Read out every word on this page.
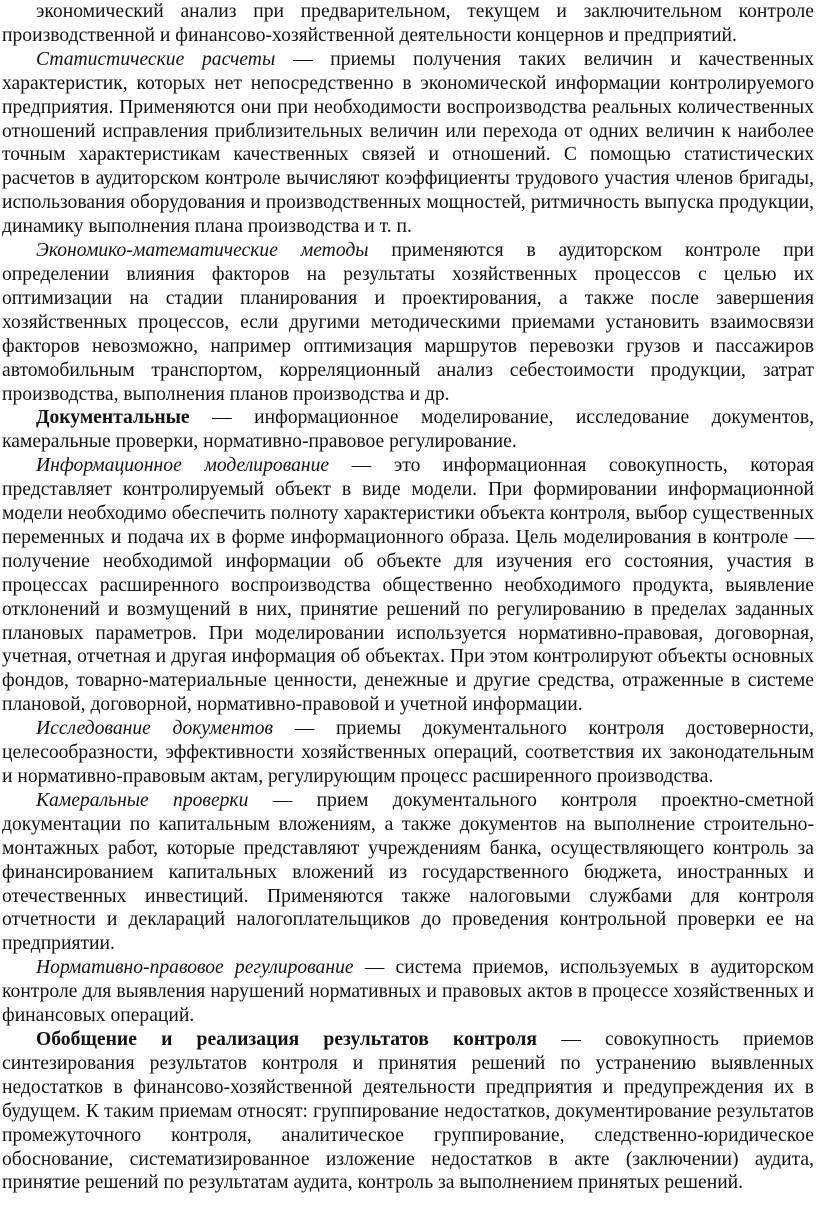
экономический анализ при предварительном, текущем и заключительном контроле производственной и финансово-хозяйственной деятельности концернов и предприятий.

Статистические расчеты — приемы получения таких величин и качественных характеристик, которых нет непосредственно в экономической информации контролируемого предприятия. Применяются они при необходимости воспроизводства реальных количественных отношений исправления приблизительных величин или перехода от одних величин к наиболее точным характеристикам качественных связей и отношений. С помощью статистических расчетов в аудиторском контроле вычисляют коэффициенты трудового участия членов бригады, использования оборудования и производственных мощностей, ритмичность выпуска продукции, динамику выполнения плана производства и т. п.

Экономико-математические методы применяются в аудиторском контроле при определении влияния факторов на результаты хозяйственных процессов с целью их оптимизации на стадии планирования и проектирования, а также после завершения хозяйственных процессов, если другими методическими приемами установить взаимосвязи факторов невозможно, например оптимизация маршрутов перевозки грузов и пассажиров автомобильным транспортом, корреляционный анализ себестоимости продукции, затрат производства, выполнения планов производства и др.

Документальные — информационное моделирование, исследование документов, камеральные проверки, нормативно-правовое регулирование.

Информационное моделирование — это информационная совокупность, которая представляет контролируемый объект в виде модели. При формировании информационной модели необходимо обеспечить полноту характеристики объекта контроля, выбор существенных переменных и подача их в форме информационного образа. Цель моделирования в контроле — получение необходимой информации об объекте для изучения его состояния, участия в процессах расширенного воспроизводства общественно необходимого продукта, выявление отклонений и возмущений в них, принятие решений по регулированию в пределах заданных плановых параметров. При моделировании используется нормативно-правовая, договорная, учетная, отчетная и другая информация об объектах. При этом контролируют объекты основных фондов, товарно-материальные ценности, денежные и другие средства, отраженные в системе плановой, договорной, нормативно-правовой и учетной информации.

Исследование документов — приемы документального контроля достоверности, целесообразности, эффективности хозяйственных операций, соответствия их законодательным и нормативно-правовым актам, регулирующим процесс расширенного производства.

Камеральные проверки — прием документального контроля проектно-сметной документации по капитальным вложениям, а также документов на выполнение строительно-монтажных работ, которые представляют учреждениям банка, осуществляющего контроль за финансированием капитальных вложений из государственного бюджета, иностранных и отечественных инвестиций. Применяются также налоговыми службами для контроля отчетности и деклараций налогоплательщиков до проведения контрольной проверки ее на предприятии.

Нормативно-правовое регулирование — система приемов, используемых в аудиторском контроле для выявления нарушений нормативных и правовых актов в процессе хозяйственных и финансовых операций.

Обобщение и реализация результатов контроля — совокупность приемов синтезирования результатов контроля и принятия решений по устранению выявленных недостатков в финансово-хозяйственной деятельности предприятия и предупреждения их в будущем. К таким приемам относят: группирование недостатков, документирование результатов промежуточного контроля, аналитическое группирование, следственно-юридическое обоснование, систематизированное изложение недостатков в акте (заключении) аудита, принятие решений по результатам аудита, контроль за выполнением принятых решений.
